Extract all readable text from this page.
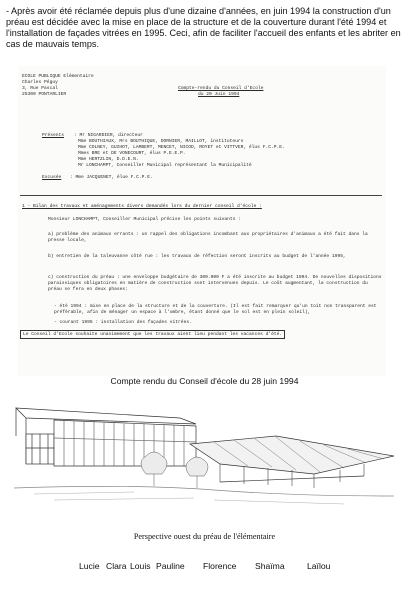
- Après avoir été réclamée depuis plus d'une dizaine d'années, en juin 1994 la construction d'un préau est décidée avec la mise en place de la structure et de la couverture durant l'été 1994 et l'installation de façades vitrées en 1995. Ceci, afin de faciliter l'accueil des enfants et les abriter en cas de mauvais temps.
ECOLE PUBLIQUE Elémentaire
Charles Péguy
3, Rue Pascal
25300 PONTARLIER
Compte-rendu du Conseil d'Ecole
du 20 Juin 1994
Présents : Mr NIGARDIER, directeur
Mme BOUTHIAUX, Mrs BOUTHIQUE, DORNIER, MAILLOT, instituteurs
Mme COLNEY, GUIHOT, LAMBERT, MENCET, NICOD, ROYET et VITTVER, élus F.C.P.E.
Mmes BRE et DE VONECOURT, élus P.E.E.P.
Mme HERTZLIN, D.D.E.N.
Mr LONCHAMPT, Conseiller Municipal représentant la Municipalité
Excusée : Mme JACQUENET, élue F.C.P.E.
1 - Bilan des travaux et aménagements divers demandés lors du dernier conseil d'école :
Monsieur LONCHAMPT, Conseiller Municipal précise les points suivants :
a) problème des animaux errants : un rappel des obligations incombant aux propriétaires d'animaux a été fait dans la presse locale,
b) entretien de la taleuvanne côté rue : les travaux de réfection seront inscrits au budget de l'année 1995,
c) construction du préau : une enveloppe budgétaire de 300.000 F a été inscrite au budget 1994. De nouvelles dispositions paraissiques obligatoires en matière de construction sont intervenues depuis. Le coût augmentant, la construction du préau se fera en deux phases:
- été 1994 : mise en place de la structure et de la couverture. (Il est fait remarquer qu'un toit non transparent est préférable, afin de ménager un espace à l'ombre, étant donné que le sol est en plein soleil),
- courant 1995 : installation des façades vitrées.
Le Conseil d'Ecole souhaite unanimement que les travaux aient lieu pendant les vacances d'été.
Compte rendu du Conseil d'école du 28 juin 1994
Perspective ouest du préau de l'élémentaire
Lucie Clara Louis Pauline Florence Shaïma	Laïlou
